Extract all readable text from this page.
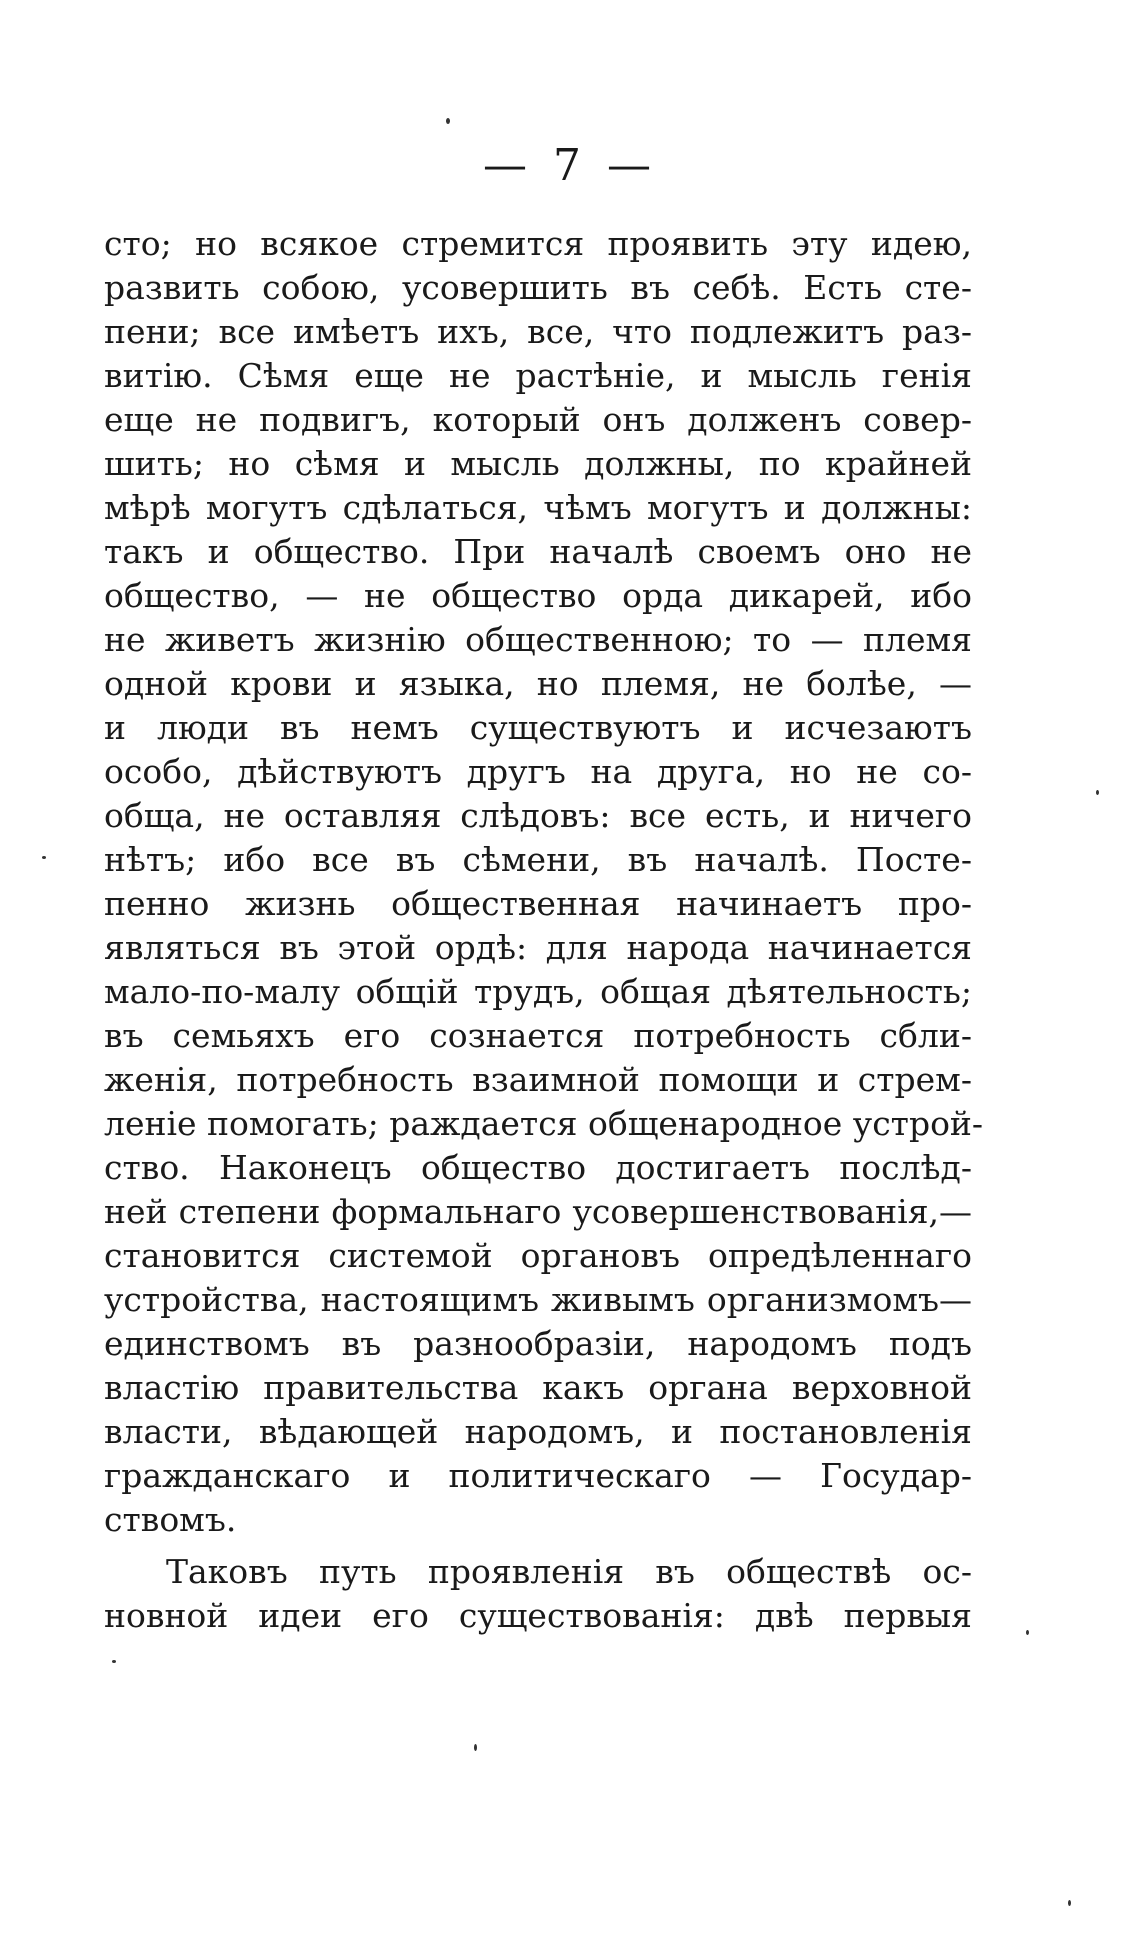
— 7 —
сто; но всякое стремится проявить эту идею,
развить собою, усовершить въ себѣ. Есть сте-
пени; все имѣетъ ихъ, все, что подлежитъ раз-
витію. Сѣмя еще не растѣніе, и мысль генія
еще не подвигъ, который онъ долженъ совер-
шить; но сѣмя и мысль должны, по крайней
мѣрѣ могутъ сдѣлаться, чѣмъ могутъ и должны:
такъ и общество. При началѣ своемъ оно не
общество, — не общество орда дикарей, ибо
не живетъ жизнію общественною; то — племя
одной крови и языка, но племя, не болѣе, —
и люди въ немъ существуютъ и исчезаютъ
особо, дѣйствуютъ другъ на друга, но не со-
обща, не оставляя слѣдовъ: все есть, и ничего
нѣтъ; ибо все въ сѣмени, въ началѣ. Посте-
пенно жизнь общественная начинаетъ про-
являться въ этой ордѣ: для народа начинается
мало-по-малу общій трудъ, общая дѣятельность;
въ семьяхъ его сознается потребность сбли-
женія, потребность взаимной помощи и стрем-
леніе помогать; раждается общенародное устрой-
ство. Наконецъ общество достигаетъ послѣд-
ней степени формальнаго усовершенствованія,—
становится системой органовъ опредѣленнаго
устройства, настоящимъ живымъ организмомъ—
единствомъ въ разнообразіи, народомъ подъ
властію правительства какъ органа верховной
власти, вѣдающей народомъ, и постановленія
гражданскаго и политическаго — Государ-
ствомъ.
Таковъ путь проявленія въ обществѣ ос-
новной идеи его существованія: двѣ первыя
